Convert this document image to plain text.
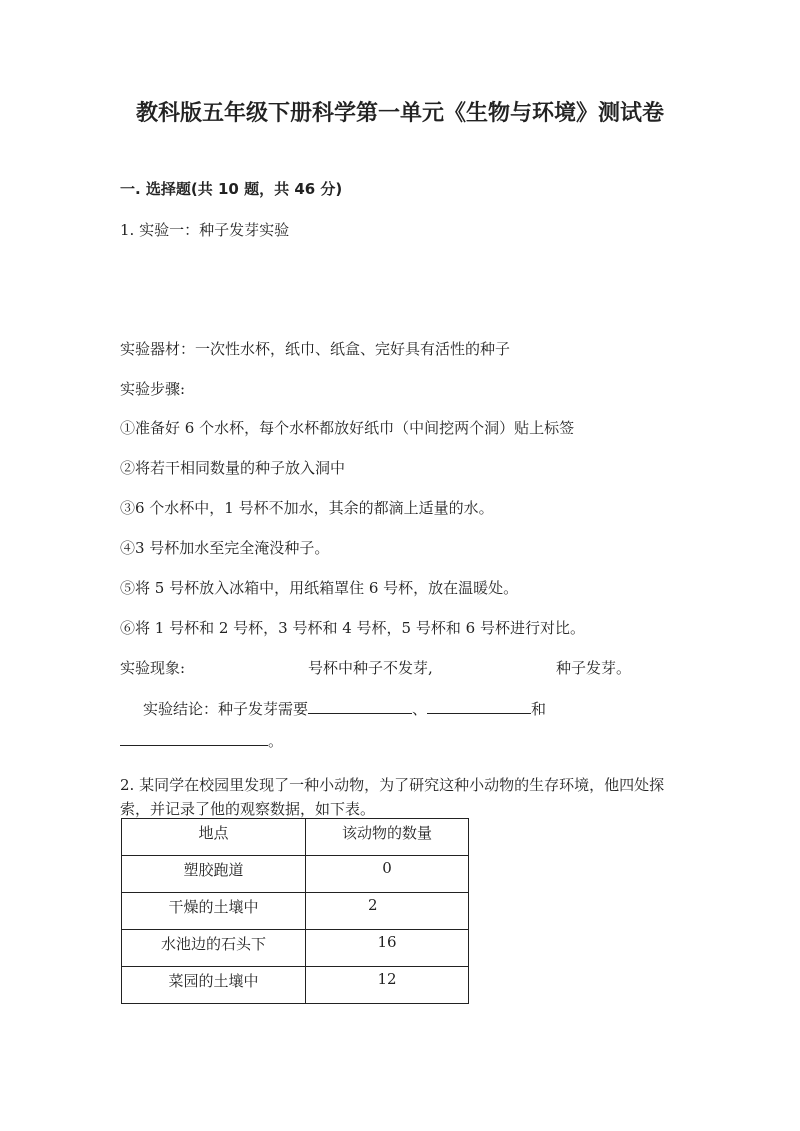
教科版五年级下册科学第一单元《生物与环境》测试卷
一. 选择题(共 10 题，共 46 分)
1. 实验一：种子发芽实验
实验器材：一次性水杯，纸巾、纸盒、完好具有活性的种子
实验步骤:
①准备好 6 个水杯，每个水杯都放好纸巾（中间挖两个洞）贴上标签
②将若干相同数量的种子放入洞中
③6 个水杯中，1 号杯不加水，其余的都滴上适量的水。
④3 号杯加水至完全淹没种子。
⑤将 5 号杯放入冰箱中，用纸箱罩住 6 号杯，放在温暖处。
⑥将 1 号杯和 2 号杯，3 号杯和 4 号杯，5 号杯和 6 号杯进行对比。
实验现象:	号杯中种子不发芽,	种子发芽。
实验结论：种子发芽需要	、	和
。
2. 某同学在校园里发现了一种小动物，为了研究这种小动物的生存环境，他四处探索，并记录了他的观察数据，如下表。
地点	该动物的数量
塑胶跑道	0
干燥的土壤中	2
水池边的石头下	16
菜园的土壤中	12
